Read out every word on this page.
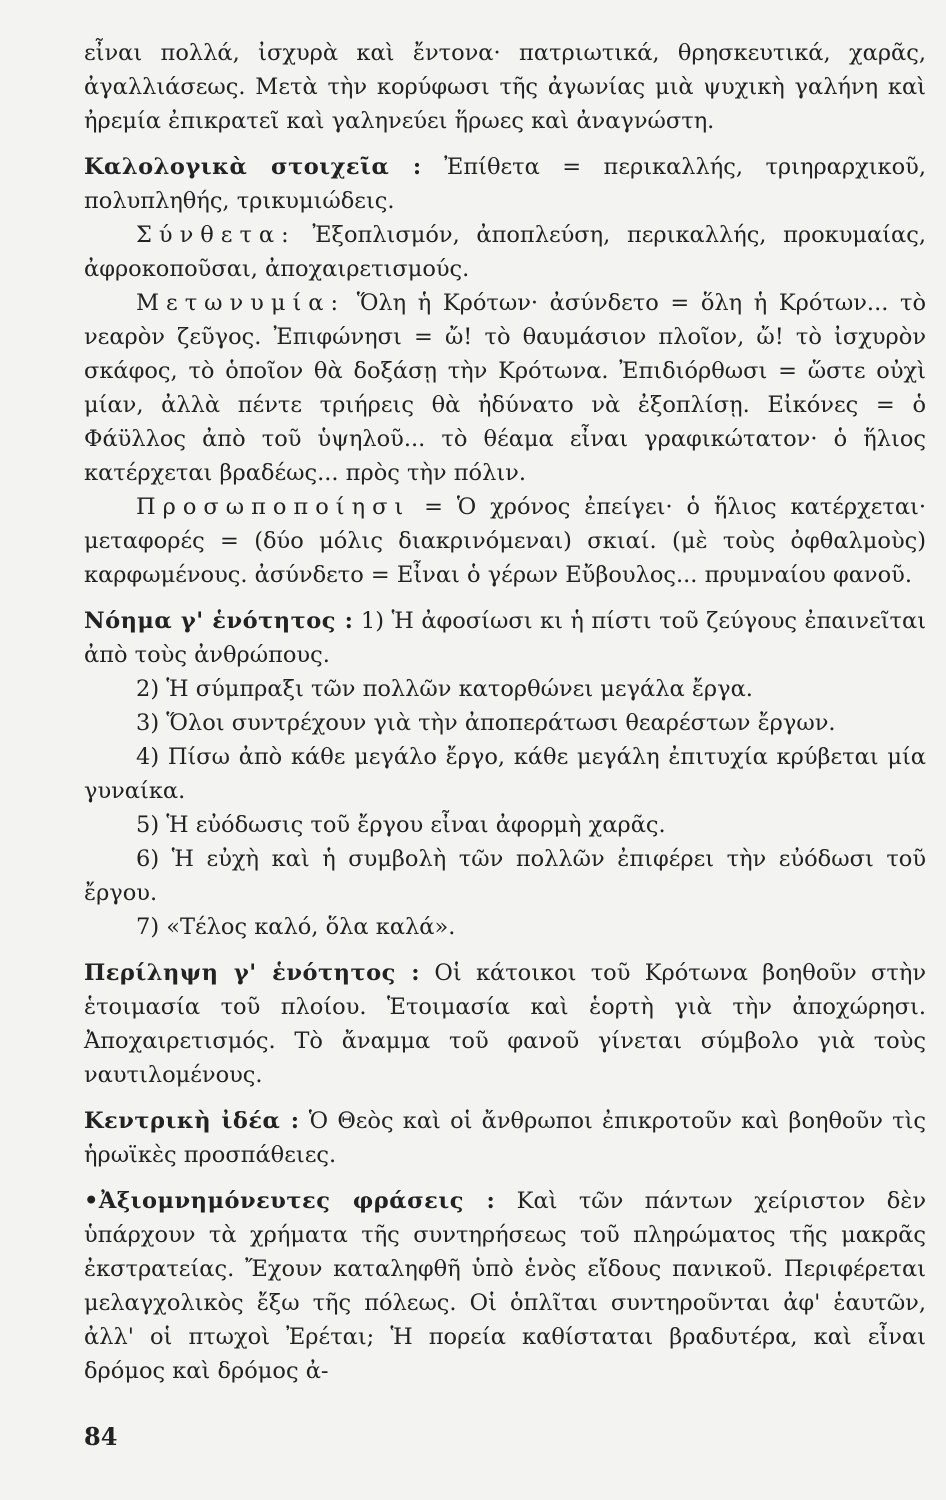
εἶναι πολλά, ἰσχυρὰ καὶ ἔντονα· πατριωτικά, θρησκευτικά, χαρᾶς, ἀγαλλιάσεως. Μετὰ τὴν κορύφωσι τῆς ἀγωνίας μιὰ ψυχικὴ γαλήνη καὶ ἠρεμία ἐπικρατεῖ καὶ γαληνεύει ἥρωες καὶ ἀναγνώστη.

Καλολογικὰ στοιχεῖα : Ἐπίθετα = περικαλλής, τριηραρχικοῦ, πολυπληθής, τρικυμιώδεις.

Σύνθετα: Ἐξοπλισμόν, ἀποπλεύση, περικαλλής, προκυμαίας, ἀφροκοποῦσαι, ἀποχαιρετισμούς.

Μετωνυμία: Ὅλη ἡ Κρότων· ἀσύνδετο = ὅλη ἡ Κρότων... τὸ νεαρὸν ζεῦγος. Ἐπιφώνησι = ὤ! τὸ θαυμάσιον πλοῖον, ὤ! τὸ ἰσχυρὸν σκάφος, τὸ ὁποῖον θὰ δοξάσῃ τὴν Κρότωνα. Ἐπιδιόρθωσι = ὥστε οὐχὶ μίαν, ἀλλὰ πέντε τριήρεις θὰ ἠδύνατο νὰ ἐξοπλίσῃ. Εἰκόνες = ὁ Φάϋλλος ἀπὸ τοῦ ὑψηλοῦ... τὸ θέαμα εἶναι γραφικώτατον· ὁ ἥλιος κατέρχεται βραδέως... πρὸς τὴν πόλιν.

Προσωποποίησι = Ὁ χρόνος ἐπείγει· ὁ ἥλιος κατέρχεται· μεταφορές = (δύο μόλις διακρινόμεναι) σκιαί. (μὲ τοὺς ὀφθαλμοὺς) καρφωμένους. ἀσύνδετο = Εἶναι ὁ γέρων Εὔβουλος... πρυμναίου φανοῦ.

Νόημα γ' ἑνότητος : 1) Ἡ ἀφοσίωσι κι ἡ πίστι τοῦ ζεύγους ἐπαινεῖται ἀπὸ τοὺς ἀνθρώπους.

2) Ἡ σύμπραξι τῶν πολλῶν κατορθώνει μεγάλα ἔργα.

3) Ὅλοι συντρέχουν γιὰ τὴν ἀποπεράτωσι θεαρέστων ἔργων.

4) Πίσω ἀπὸ κάθε μεγάλο ἔργο, κάθε μεγάλη ἐπιτυχία κρύβεται μία γυναίκα.

5) Ἡ εὐόδωσις τοῦ ἔργου εἶναι ἀφορμὴ χαρᾶς.

6) Ἡ εὐχὴ καὶ ἡ συμβολὴ τῶν πολλῶν ἐπιφέρει τὴν εὐόδωσι τοῦ ἔργου.

7) «Τέλος καλό, ὅλα καλά».

Περίληψη γ' ἑνότητος : Οἱ κάτοικοι τοῦ Κρότωνα βοηθοῦν στὴν ἑτοιμασία τοῦ πλοίου. Ἑτοιμασία καὶ ἑορτὴ γιὰ τὴν ἀποχώρησι. Ἀποχαιρετισμός. Τὸ ἄναμμα τοῦ φανοῦ γίνεται σύμβολο γιὰ τοὺς ναυτιλομένους.

Κεντρικὴ ἰδέα : Ὁ Θεὸς καὶ οἱ ἄνθρωποι ἐπικροτοῦν καὶ βοηθοῦν τὶς ἡρωϊκὲς προσπάθειες.

•Ἀξιομνημόνευτες φράσεις : Καὶ τῶν πάντων χείριστον δὲν ὑπάρχουν τὰ χρήματα τῆς συντηρήσεως τοῦ πληρώματος τῆς μακρᾶς ἐκστρατείας. Ἔχουν καταληφθῆ ὑπὸ ἑνὸς εἴδους πανικοῦ. Περιφέρεται μελαγχολικὸς ἔξω τῆς πόλεως. Οἱ ὁπλῖται συντηροῦνται ἀφ' ἑαυτῶν, ἀλλ' οἱ πτωχοὶ Ἐρέται; Ἡ πορεία καθίσταται βραδυτέρα, καὶ εἶναι δρόμος καὶ δρόμος ἀ-

84
